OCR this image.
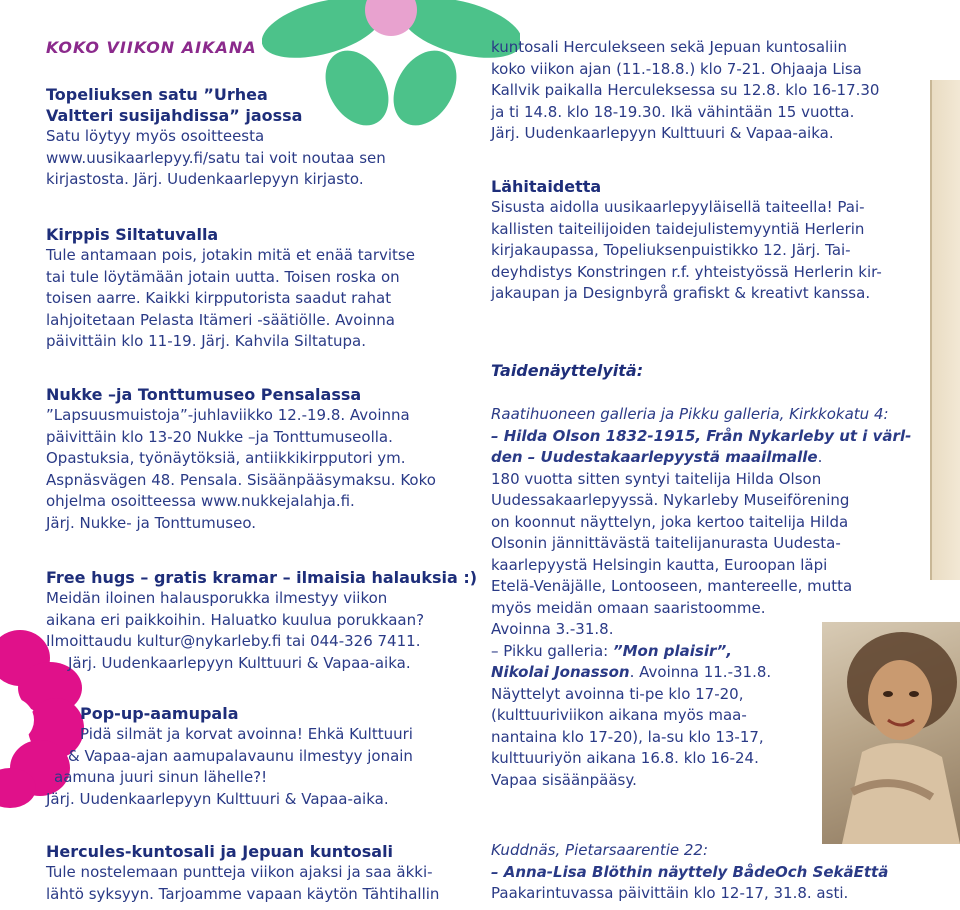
KOKO VIIKON AIKANA
Topeliuksen satu ”Urhea
Valtteri susijahdissa” jaossa
Satu löytyy myös osoitteesta
www.uusikaarlepyy.fi/satu tai voit noutaa sen
kirjastosta. Järj. Uudenkaarlepyyn kirjasto.
Kirppis Siltatuvalla
Tule antamaan pois, jotakin mitä et enää tarvitse
tai tule löytämään jotain uutta. Toisen roska on
toisen aarre. Kaikki kirpputorista saadut rahat
lahjoitetaan Pelasta Itämeri -säätiölle. Avoinna
päivittäin klo 11-19. Järj. Kahvila Siltatupa.
Nukke –ja Tonttumuseo Pensalassa
”Lapsuusmuistoja”-juhlaviikko 12.-19.8. Avoinna
päivittäin klo 13-20 Nukke –ja Tonttumuseolla.
Opastuksia, työnäytöksiä, antiikkikirpputori ym.
Aspnäsvägen 48. Pensala. Sisäänpääsymaksu. Koko
ohjelma osoitteessa www.nukkejalahja.fi.
Järj. Nukke- ja Tonttumuseo.
Free hugs – gratis kramar – ilmaisia halauksia :)
Meidän iloinen halausporukka ilmestyy viikon
aikana eri paikkoihin. Haluatko kuulua porukkaan?
Ilmoittaudu kultur@nykarleby.fi tai 044-326 7411.
Järj. Uudenkaarlepyyn Kulttuuri & Vapaa-aika.
Pop-up-aamupala
Pidä silmät ja korvat avoinna! Ehkä Kulttuuri
& Vapaa-ajan aamupalavaunu ilmestyy jonain
aamuna juuri sinun lähelle?!
Järj. Uudenkaarlepyyn Kulttuuri & Vapaa-aika.
Hercules-kuntosali ja Jepuan kuntosali
Tule nostelemaan puntteja viikon ajaksi ja saa äkki-
lähtö syksyyn. Tarjoamme vapaan käytön Tähtihallin
kuntosali Herculekseen sekä Jepuan kuntosaliin
koko viikon ajan (11.-18.8.) klo 7-21. Ohjaaja Lisa
Kallvik paikalla Herculeksessa su 12.8. klo 16-17.30
ja ti 14.8. klo 18-19.30. Ikä vähintään 15 vuotta.
Järj. Uudenkaarlepyyn Kulttuuri & Vapaa-aika.
Lähitaidetta
Sisusta aidolla uusikaarlepyyläisellä taiteella! Pai-
kallisten taiteilijoiden taidejulistemyyntiä Herlerin
kirjakaupassa, Topeliuksenpuistikko 12. Järj. Tai-
deyhdistys Konstringen r.f. yhteistyössä Herlerin kir-
jakaupan ja Designbyrå grafiskt & kreativt kanssa.
Taidenäyttelyitä:
Raatihuoneen galleria ja Pikku galleria, Kirkkokatu 4:
– Hilda Olson 1832-1915, Från Nykarleby ut i värl-
den – Uudestakaarlepyystä maailmalle.
180 vuotta sitten syntyi taitelija Hilda Olson
Uudessakaarlepyyssä. Nykarleby Museiförening
on koonnut näyttelyn, joka kertoo taitelija Hilda
Olsonin jännittävästä taitelijanurasta Uudesta-
kaarlepyystä Helsingin kautta, Euroopan läpi
Etelä-Venäjälle, Lontooseen, mantereelle, mutta
myös meidän omaan saaristoomme.
Avoinna 3.-31.8.
– Pikku galleria: ”Mon plaisir”,
Nikolai Jonasson. Avoinna 11.-31.8.
Näyttelyt avoinna ti-pe klo 17-20,
(kulttuuriviikon aikana myös maa-
nantaina klo 17-20), la-su klo 13-17,
kulttuuriyön aikana 16.8. klo 16-24.
Vapaa sisäänpääsy.
Kuddnäs, Pietarsaarentie 22:
– Anna-Lisa Blöthin näyttely BådeOch SekäEttä
Paakarintuvassa päivittäin klo 12-17, 31.8. asti.
